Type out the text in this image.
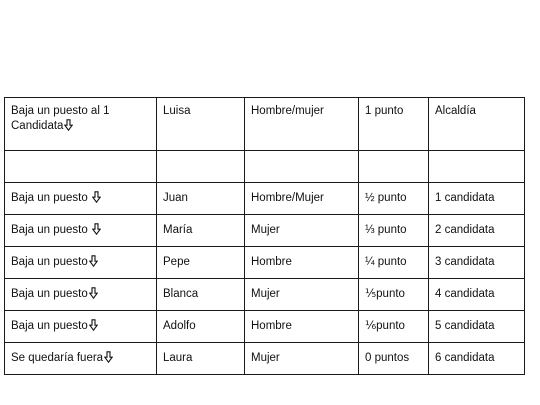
Baja un puesto al 1 Candidata	Luisa	Hombre/mujer	1 punto	Alcaldía

Baja un puesto	Juan	Hombre/Mujer	½ punto	1 candidata
Baja un puesto	María	Mujer	⅓ punto	2 candidata
Baja un puesto	Pepe	Hombre	¼ punto	3 candidata
Baja un puesto	Blanca	Mujer	⅕punto	4 candidata
Baja un puesto	Adolfo	Hombre	⅙punto	5 candidata
Se quedaría fuera	Laura	Mujer	0 puntos	6 candidata
